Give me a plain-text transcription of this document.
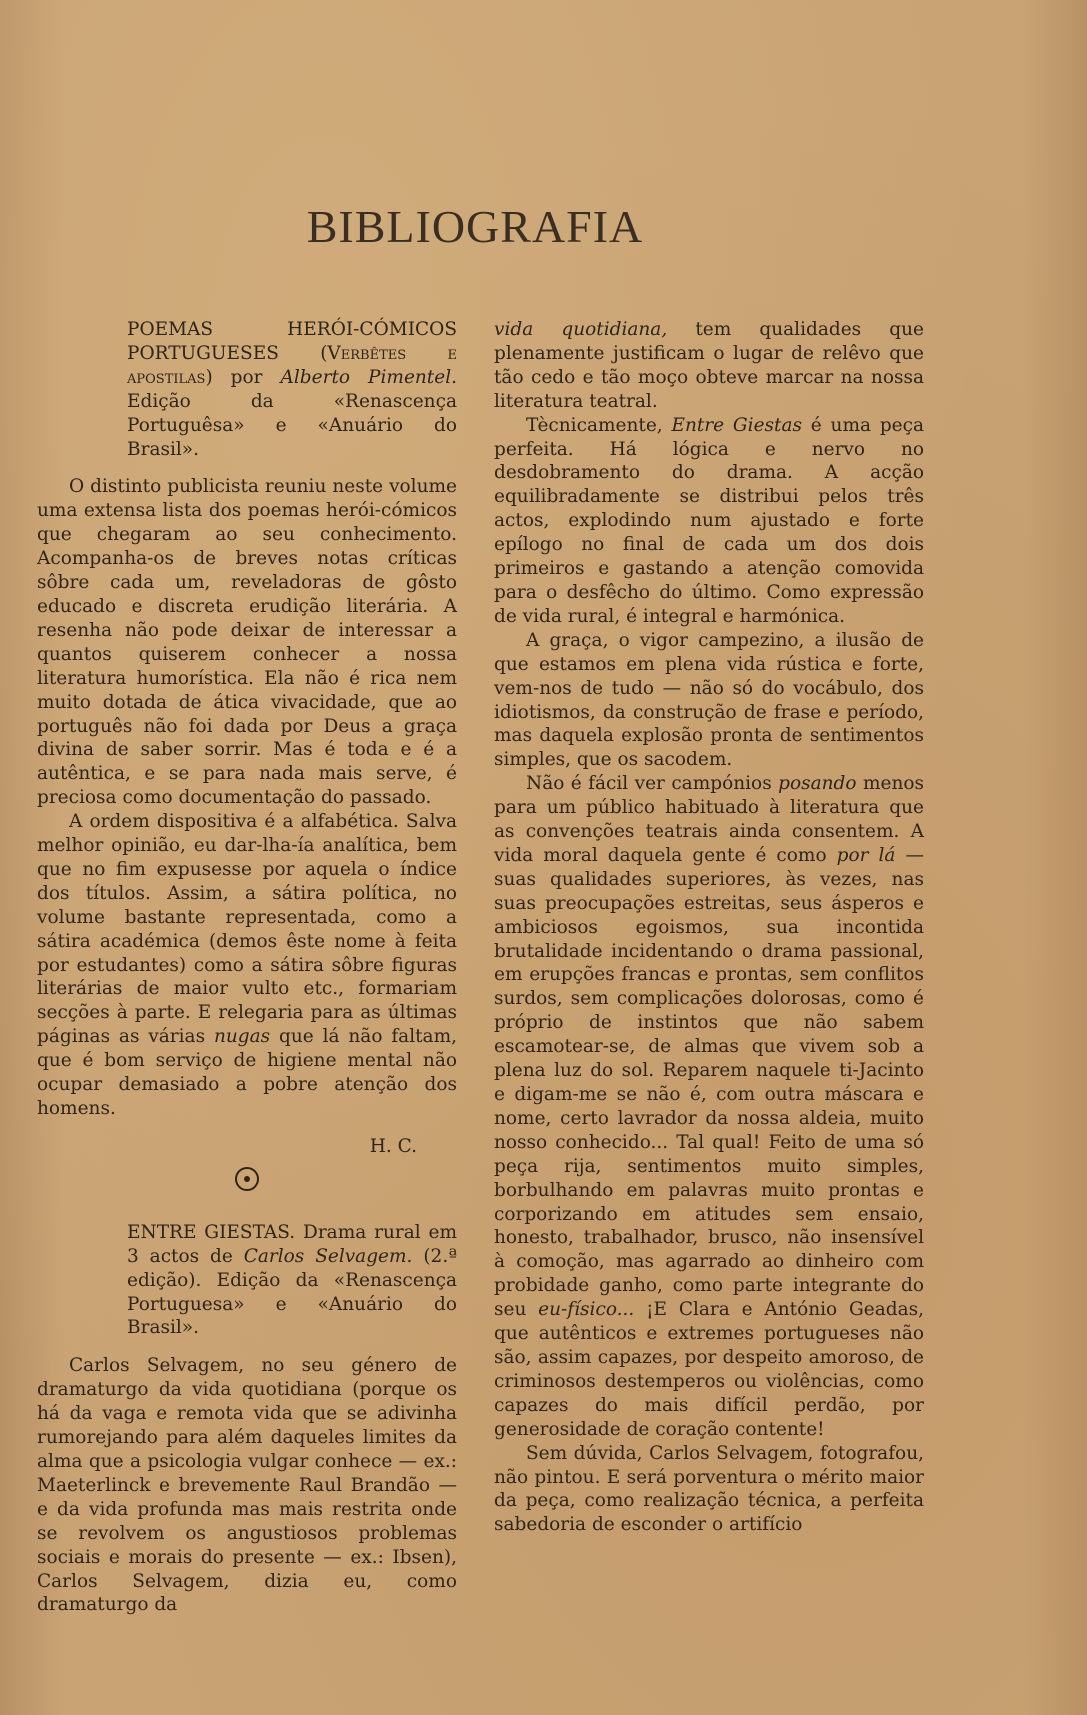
BIBLIOGRAFIA

POEMAS HERÓI-CÓMICOS PORTUGUESES (Verbêtes e apostilas) por Alberto Pimentel. Edição da «Renascença Portuguêsa» e «Anuário do Brasil».

O distinto publicista reuniu neste volume uma extensa lista dos poemas herói-cómicos que chegaram ao seu conhecimento. Acompanha-os de breves notas críticas sôbre cada um, reveladoras de gôsto educado e discreta erudição literária. A resenha não pode deixar de interessar a quantos quiserem conhecer a nossa literatura humorística. Ela não é rica nem muito dotada de ática vivacidade, que ao português não foi dada por Deus a graça divina de saber sorrir. Mas é toda e é a autêntica, e se para nada mais serve, é preciosa como documentação do passado.

A ordem dispositiva é a alfabética. Salva melhor opinião, eu dar-lha-ía analítica, bem que no fim expusesse por aquela o índice dos títulos. Assim, a sátira política, no volume bastante representada, como a sátira académica (demos êste nome à feita por estudantes) como a sátira sôbre figuras literárias de maior vulto etc., formariam secções à parte. E relegaria para as últimas páginas as várias nugas que lá não faltam, que é bom serviço de higiene mental não ocupar demasiado a pobre atenção dos homens.

H. C.

ENTRE GIESTAS. Drama rural em 3 actos de Carlos Selvagem. (2.ª edição). Edição da «Renascença Portuguesa» e «Anuário do Brasil».

Carlos Selvagem, no seu género de dramaturgo da vida quotidiana (porque os há da vaga e remota vida que se adivinha rumorejando para além daqueles limites da alma que a psicologia vulgar conhece — ex.: Maeterlinck e brevemente Raul Brandão — e da vida profunda mas mais restrita onde se revolvem os angustiosos problemas sociais e morais do presente — ex.: Ibsen), Carlos Selvagem, dizia eu, como dramaturgo da

vida quotidiana, tem qualidades que plenamente justificam o lugar de relêvo que tão cedo e tão moço obteve marcar na nossa literatura teatral.

Tècnicamente, Entre Giestas é uma peça perfeita. Há lógica e nervo no desdobramento do drama. A acção equilibradamente se distribui pelos três actos, explodindo num ajustado e forte epílogo no final de cada um dos dois primeiros e gastando a atenção comovida para o desfêcho do último. Como expressão de vida rural, é integral e harmónica.

A graça, o vigor campezino, a ilusão de que estamos em plena vida rústica e forte, vem-nos de tudo — não só do vocábulo, dos idiotismos, da construção de frase e período, mas daquela explosão pronta de sentimentos simples, que os sacodem.

Não é fácil ver campónios posando menos para um público habituado à literatura que as convenções teatrais ainda consentem. A vida moral daquela gente é como por lá — suas qualidades superiores, às vezes, nas suas preocupações estreitas, seus ásperos e ambiciosos egoismos, sua incontida brutalidade incidentando o drama passional, em erupções francas e prontas, sem conflitos surdos, sem complicações dolorosas, como é próprio de instintos que não sabem escamotear-se, de almas que vivem sob a plena luz do sol. Reparem naquele ti-Jacinto e digam-me se não é, com outra máscara e nome, certo lavrador da nossa aldeia, muito nosso conhecido... Tal qual! Feito de uma só peça rija, sentimentos muito simples, borbulhando em palavras muito prontas e corporizando em atitudes sem ensaio, honesto, trabalhador, brusco, não insensível à comoção, mas agarrado ao dinheiro com probidade ganho, como parte integrante do seu eu-físico... ¡E Clara e António Geadas, que autênticos e extremes portugueses não são, assim capazes, por despeito amoroso, de criminosos destemperos ou violências, como capazes do mais difícil perdão, por generosidade de coração contente!

Sem dúvida, Carlos Selvagem, fotografou, não pintou. E será porventura o mérito maior da peça, como realização técnica, a perfeita sabedoria de esconder o artifício
